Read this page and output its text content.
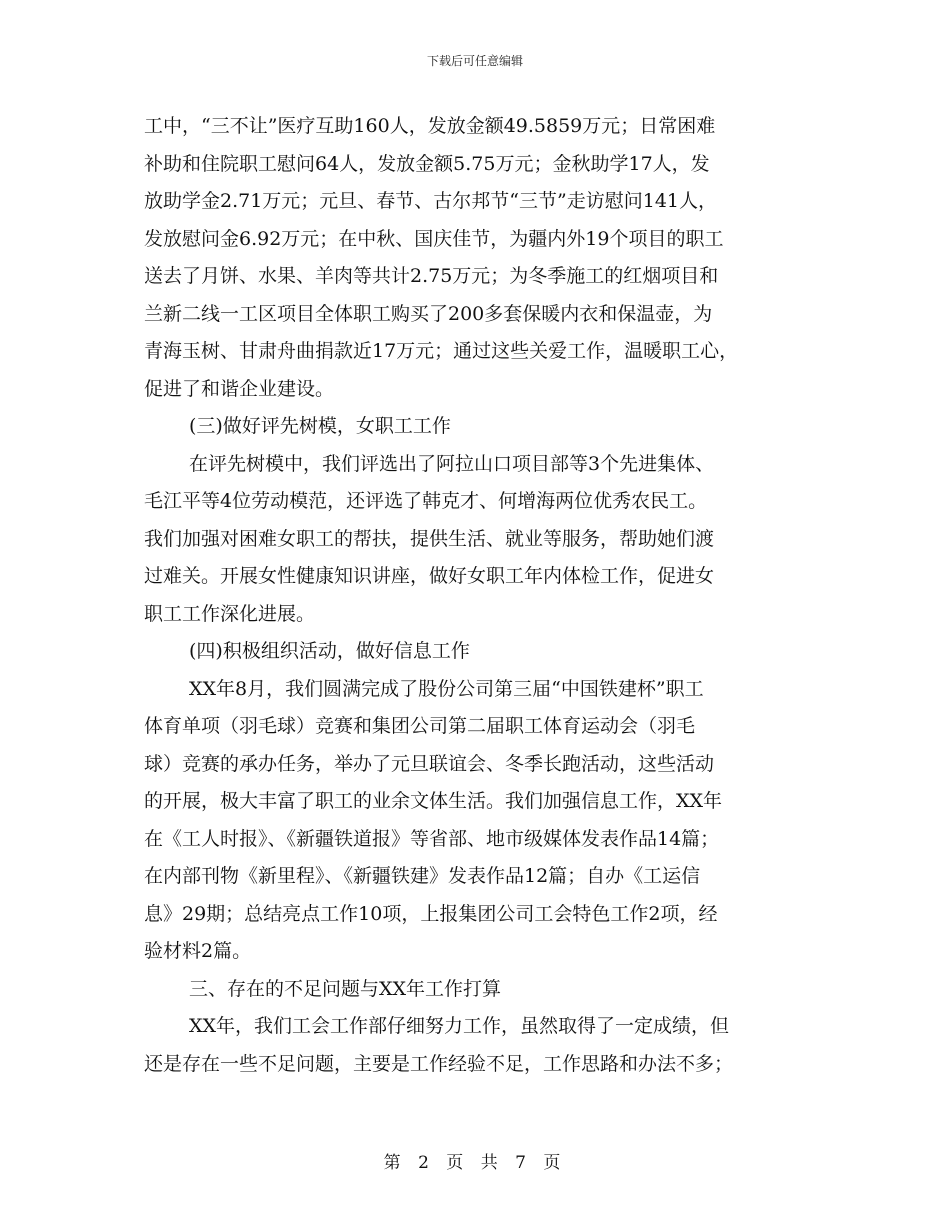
下载后可任意编辑
工中，“三不让”医疗互助160人，发放金额49.5859万元；日常困难
补助和住院职工慰问64人，发放金额5.75万元；金秋助学17人，发
放助学金2.71万元；元旦、春节、古尔邦节“三节”走访慰问141人，
发放慰问金6.92万元；在中秋、国庆佳节，为疆内外19个项目的职工
送去了月饼、水果、羊肉等共计2.75万元；为冬季施工的红烟项目和
兰新二线一工区项目全体职工购买了200多套保暖内衣和保温壶，为
青海玉树、甘肃舟曲捐款近17万元；通过这些关爱工作，温暖职工心，
促进了和谐企业建设。
(三)做好评先树模，女职工工作
在评先树模中，我们评选出了阿拉山口项目部等3个先进集体、
毛江平等4位劳动模范，还评选了韩克才、何增海两位优秀农民工。
我们加强对困难女职工的帮扶，提供生活、就业等服务，帮助她们渡
过难关。开展女性健康知识讲座，做好女职工年内体检工作，促进女
职工工作深化进展。
(四)积极组织活动，做好信息工作
XX年8月，我们圆满完成了股份公司第三届“中国铁建杯”职工
体育单项（羽毛球）竞赛和集团公司第二届职工体育运动会（羽毛
球）竞赛的承办任务，举办了元旦联谊会、冬季长跑活动，这些活动
的开展，极大丰富了职工的业余文体生活。我们加强信息工作，XX年
在《工人时报》、《新疆铁道报》等省部、地市级媒体发表作品14篇；
在内部刊物《新里程》、《新疆铁建》发表作品12篇；自办《工运信
息》29期；总结亮点工作10项，上报集团公司工会特色工作2项，经
验材料2篇。
三、存在的不足问题与XX年工作打算
XX年，我们工会工作部仔细努力工作，虽然取得了一定成绩，但
还是存在一些不足问题，主要是工作经验不足，工作思路和办法不多；
第 2 页 共 7 页
